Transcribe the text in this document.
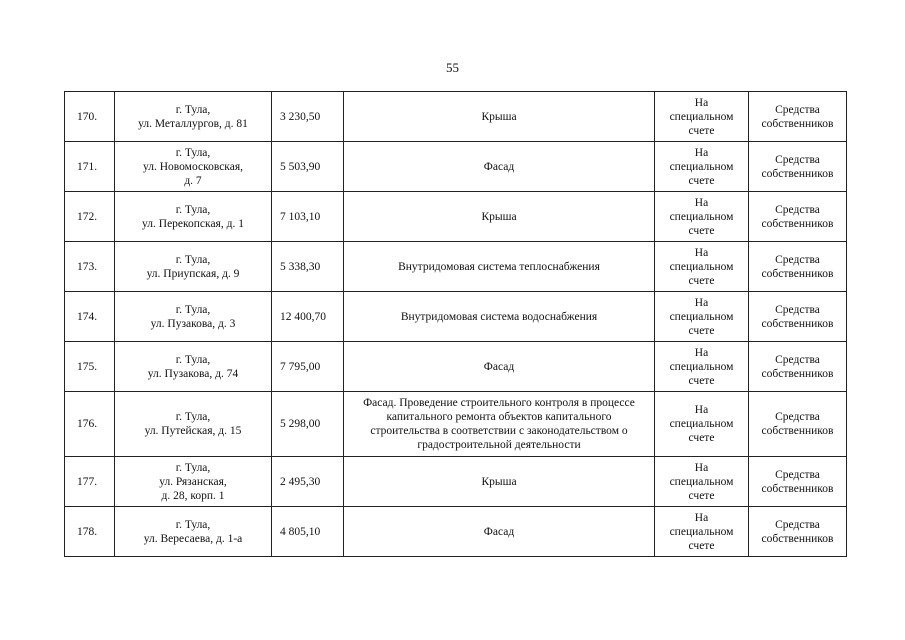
55
170.	г. Тула,
ул. Металлургов, д. 81	3 230,50	Крыша	На
специальном
счете	Средства
собственников
171.	г. Тула,
ул. Новомосковская,
д. 7	5 503,90	Фасад	На
специальном
счете	Средства
собственников
172.	г. Тула,
ул. Перекопская, д. 1	7 103,10	Крыша	На
специальном
счете	Средства
собственников
173.	г. Тула,
ул. Приупская, д. 9	5 338,30	Внутридомовая система теплоснабжения	На
специальном
счете	Средства
собственников
174.	г. Тула,
ул. Пузакова, д. 3	12 400,70	Внутридомовая система водоснабжения	На
специальном
счете	Средства
собственников
175.	г. Тула,
ул. Пузакова, д. 74	7 795,00	Фасад	На
специальном
счете	Средства
собственников
176.	г. Тула,
ул. Путейская, д. 15	5 298,00	Фасад. Проведение строительного контроля в процессе
капитального ремонта объектов капитального
строительства в соответствии с законодательством о
градостроительной деятельности	На
специальном
счете	Средства
собственников
177.	г. Тула,
ул. Рязанская,
д. 28, корп. 1	2 495,30	Крыша	На
специальном
счете	Средства
собственников
178.	г. Тула,
ул. Вересаева, д. 1-а	4 805,10	Фасад	На
специальном
счете	Средства
собственников
